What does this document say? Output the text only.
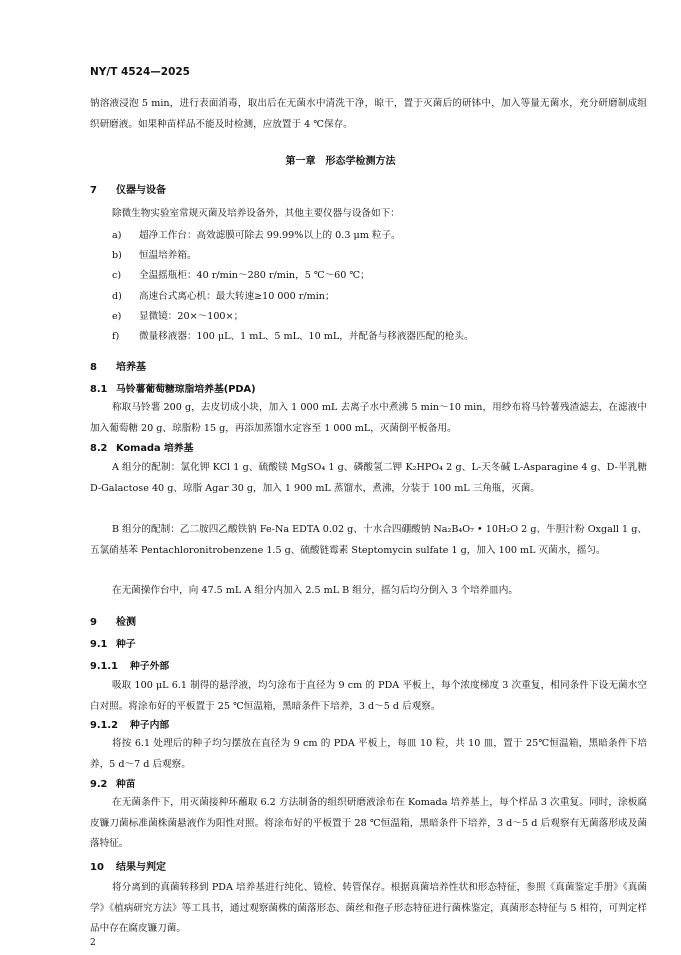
NY/T 4524—2025

钠溶液浸泡 5 min，进行表面消毒，取出后在无菌水中清洗干净，晾干，置于灭菌后的研钵中，加入等量无菌水，充分研磨制成组织研磨液。如果种苗样品不能及时检测，应放置于 4 ℃保存。

第一章　形态学检测方法

7 仪器与设备

除微生物实验室常规灭菌及培养设备外，其他主要仪器与设备如下：

a) 超净工作台：高效滤膜可除去 99.99%以上的 0.3 μm 粒子。

b) 恒温培养箱。

c) 全温摇瓶柜：40 r/min～280 r/min，5 ℃～60 ℃；

d) 高速台式离心机：最大转速≥10 000 r/min；

e) 显微镜：20×～100×；

f) 微量移液器：100 μL、1 mL、5 mL、10 mL，并配备与移液器匹配的枪头。

8 培养基

8.1 马铃薯葡萄糖琼脂培养基(PDA)

称取马铃薯 200 g，去皮切成小块，加入 1 000 mL 去离子水中煮沸 5 min～10 min，用纱布将马铃薯残渣滤去，在滤液中加入葡萄糖 20 g、琼脂粉 15 g，再添加蒸馏水定容至 1 000 mL，灭菌倒平板备用。

8.2 Komada 培养基

A 组分的配制：氯化钾 KCl 1 g、硫酸镁 MgSO₄ 1 g、磷酸氢二钾 K₂HPO₄ 2 g、L-天冬碱 L-Asparagine 4 g、D-半乳糖 D-Galactose 40 g、琼脂 Agar 30 g，加入 1 900 mL 蒸馏水，煮沸，分装于 100 mL 三角瓶，灭菌。

B 组分的配制：乙二胺四乙酸铁钠 Fe-Na EDTA 0.02 g、十水合四硼酸钠 Na₂B₄O₇ • 10H₂O 2 g、牛胆汁粉 Oxgall 1 g、五氯硝基苯 Pentachloronitrobenzene 1.5 g、硫酸链霉素 Steptomycin sulfate 1 g，加入 100 mL 灭菌水，摇匀。

在无菌操作台中，向 47.5 mL A 组分内加入 2.5 mL B 组分，摇匀后均分倒入 3 个培养皿内。

9 检测

9.1 种子

9.1.1 种子外部

吸取 100 μL 6.1 制得的悬浮液，均匀涂布于直径为 9 cm 的 PDA 平板上，每个浓度梯度 3 次重复，相同条件下设无菌水空白对照。将涂布好的平板置于 25 ℃恒温箱，黑暗条件下培养，3 d～5 d 后观察。

9.1.2 种子内部

将按 6.1 处理后的种子均匀摆放在直径为 9 cm 的 PDA 平板上，每皿 10 粒，共 10 皿，置于 25℃恒温箱，黑暗条件下培养，5 d～7 d 后观察。

9.2 种苗

在无菌条件下，用灭菌接种环蘸取 6.2 方法制备的组织研磨液涂布在 Komada 培养基上，每个样品 3 次重复。同时，涂板腐皮镰刀菌标准菌株菌悬液作为阳性对照。将涂布好的平板置于 28 ℃恒温箱，黑暗条件下培养，3 d～5 d 后观察有无菌落形成及菌落特征。

10 结果与判定

将分离到的真菌转移到 PDA 培养基进行纯化、镜检、转管保存。根据真菌培养性状和形态特征，参照《真菌鉴定手册》《真菌学》《植病研究方法》等工具书，通过观察菌株的菌落形态、菌丝和孢子形态特征进行菌株鉴定，真菌形态特征与 5 相符，可判定样品中存在腐皮镰刀菌。

2
